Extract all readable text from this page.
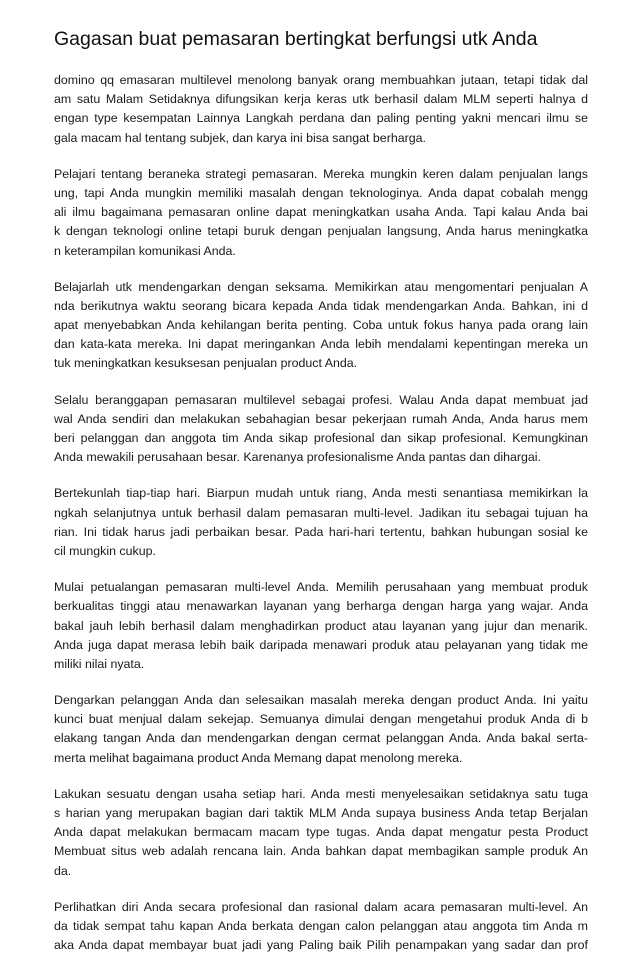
Gagasan buat pemasaran bertingkat berfungsi utk Anda
domino qq emasaran multilevel menolong banyak orang membuahkan jutaan, tetapi tidak dal
am satu Malam Setidaknya difungsikan kerja keras utk berhasil dalam MLM seperti halnya d
engan type kesempatan Lainnya Langkah perdana dan paling penting yakni mencari ilmu se
gala macam hal tentang subjek, dan karya ini bisa sangat berharga.
Pelajari tentang beraneka strategi pemasaran. Mereka mungkin keren dalam penjualan langs
ung, tapi Anda mungkin memiliki masalah dengan teknologinya. Anda dapat cobalah mengg
ali ilmu bagaimana pemasaran online dapat meningkatkan usaha Anda. Tapi kalau Anda bai
k dengan teknologi online tetapi buruk dengan penjualan langsung, Anda harus meningkatka
n keterampilan komunikasi Anda.
Belajarlah utk mendengarkan dengan seksama. Memikirkan atau mengomentari penjualan A
nda berikutnya waktu seorang bicara kepada Anda tidak mendengarkan Anda. Bahkan, ini d
apat menyebabkan Anda kehilangan berita penting. Coba untuk fokus hanya pada orang lain
dan kata-kata mereka. Ini dapat meringankan Anda lebih mendalami kepentingan mereka un
tuk meningkatkan kesuksesan penjualan product Anda.
Selalu beranggapan pemasaran multilevel sebagai profesi. Walau Anda dapat membuat jad
wal Anda sendiri dan melakukan sebahagian besar pekerjaan rumah Anda, Anda harus mem
beri pelanggan dan anggota tim Anda sikap profesional dan sikap profesional. Kemungkinan
Anda mewakili perusahaan besar. Karenanya profesionalisme Anda pantas dan dihargai.
Bertekunlah tiap-tiap hari. Biarpun mudah untuk riang, Anda mesti senantiasa memikirkan la
ngkah selanjutnya untuk berhasil dalam pemasaran multi-level. Jadikan itu sebagai tujuan ha
rian. Ini tidak harus jadi perbaikan besar. Pada hari-hari tertentu, bahkan hubungan sosial ke
cil mungkin cukup.
Mulai petualangan pemasaran multi-level Anda. Memilih perusahaan yang membuat produk
berkualitas tinggi atau menawarkan layanan yang berharga dengan harga yang wajar. Anda
bakal jauh lebih berhasil dalam menghadirkan product atau layanan yang jujur dan menarik.
Anda juga dapat merasa lebih baik daripada menawari produk atau pelayanan yang tidak me
miliki nilai nyata.
Dengarkan pelanggan Anda dan selesaikan masalah mereka dengan product Anda. Ini yaitu
kunci buat menjual dalam sekejap. Semuanya dimulai dengan mengetahui produk Anda di b
elakang tangan Anda dan mendengarkan dengan cermat pelanggan Anda. Anda bakal serta-
merta melihat bagaimana product Anda Memang dapat menolong mereka.
Lakukan sesuatu dengan usaha setiap hari. Anda mesti menyelesaikan setidaknya satu tuga
s harian yang merupakan bagian dari taktik MLM Anda supaya business Anda tetap Berjalan
Anda dapat melakukan bermacam macam type tugas. Anda dapat mengatur pesta Product
Membuat situs web adalah rencana lain. Anda bahkan dapat membagikan sample produk An
da.
Perlihatkan diri Anda secara profesional dan rasional dalam acara pemasaran multi-level. An
da tidak sempat tahu kapan Anda berkata dengan calon pelanggan atau anggota tim Anda m
aka Anda dapat membayar buat jadi yang Paling baik Pilih penampakan yang sadar dan prof
